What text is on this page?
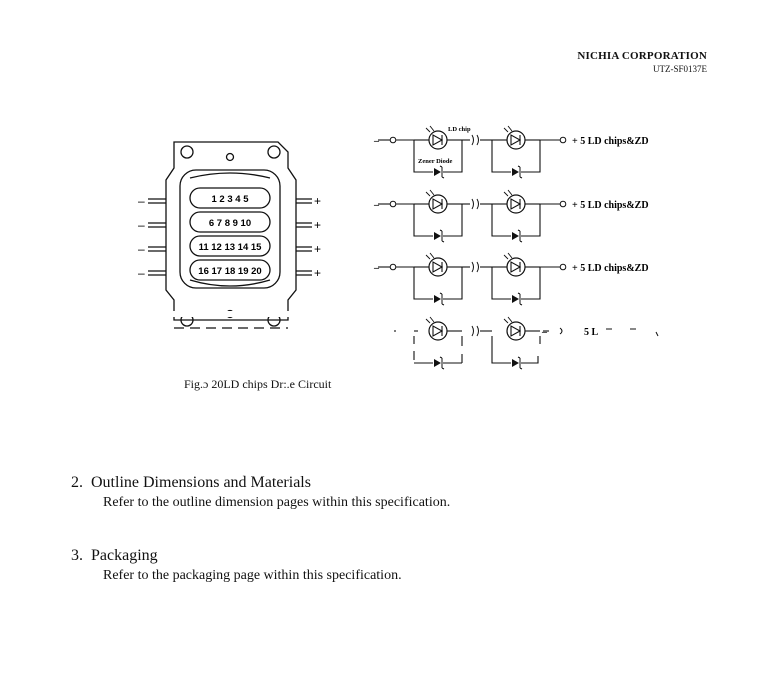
NICHIA CORPORATION
UTZ-SF0137E
1 2 3 4 5
6 7 8 9 10
11 12 13 14 15
16 17 18 19 20
–
–
–
–
+
+
+
+
LD chip
Zener Diode
–
–
–
–
+ 5 LD chips&ZD
+ 5 LD chips&ZD
+ 5 LD chips&ZD
5 L
Fig.ɔ 20LD chips Dr:.e Circuit
2. Outline Dimensions and Materials
Refer to the outline dimension pages within this specification.
3. Packaging
Refer to the packaging page within this specification.
